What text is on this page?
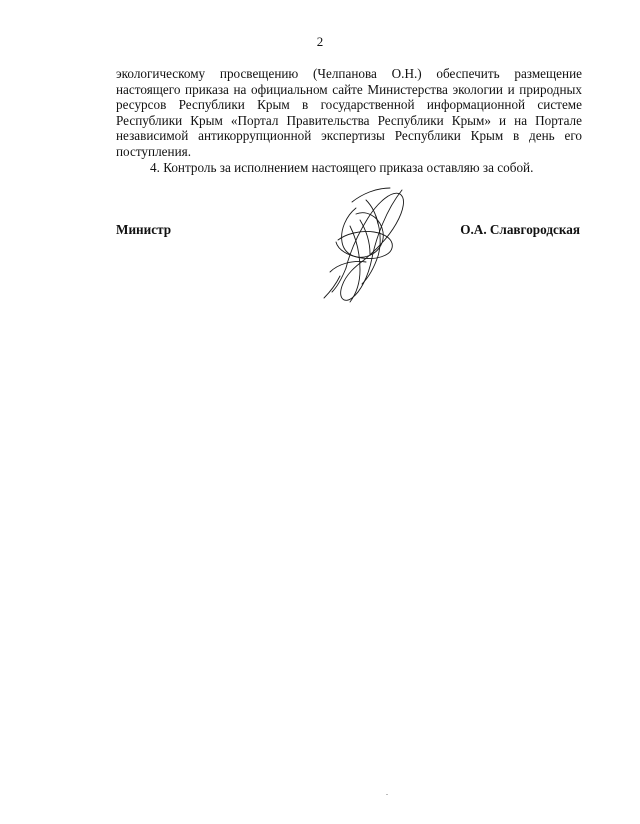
2

экологическому просвещению (Челпанова О.Н.) обеспечить размещение настоящего приказа на официальном сайте Министерства экологии и природных ресурсов Республики Крым в государственной информационной системе Республики Крым «Портал Правительства Республики Крым» и на Портале независимой антикоррупционной экспертизы Республики Крым в день его поступления.

4. Контроль за исполнением настоящего приказа оставляю за собой.

Министр	О.А. Славгородская
